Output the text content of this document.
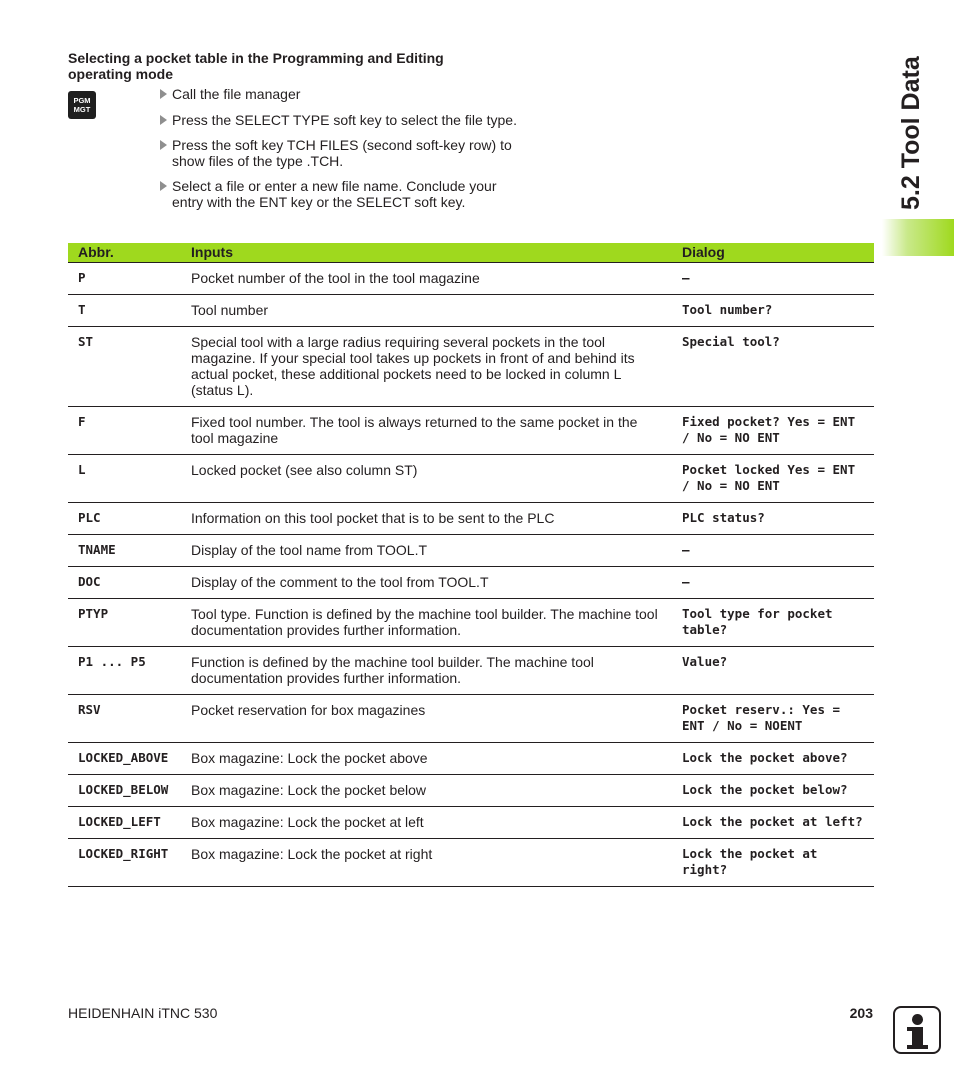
Selecting a pocket table in the Programming and Editing operating mode
PGM
MGT
Call the file manager
Press the SELECT TYPE soft key to select the file type.
Press the soft key TCH FILES (second soft-key row) to show files of the type .TCH.
Select a file or enter a new file name. Conclude your entry with the ENT key or the SELECT soft key.
Abbr.	Inputs	Dialog
P	Pocket number of the tool in the tool magazine	–
T	Tool number	Tool number?
ST	Special tool with a large radius requiring several pockets in the tool magazine. If your special tool takes up pockets in front of and behind its actual pocket, these additional pockets need to be locked in column L (status L).	Special tool?
F	Fixed tool number. The tool is always returned to the same pocket in the tool magazine	Fixed pocket? Yes = ENT / No = NO ENT
L	Locked pocket (see also column ST)	Pocket locked Yes = ENT / No = NO ENT
PLC	Information on this tool pocket that is to be sent to the PLC	PLC status?
TNAME	Display of the tool name from TOOL.T	–
DOC	Display of the comment to the tool from TOOL.T	–
PTYP	Tool type. Function is defined by the machine tool builder. The machine tool documentation provides further information.	Tool type for pocket table?
P1 ... P5	Function is defined by the machine tool builder. The machine tool documentation provides further information.	Value?
RSV	Pocket reservation for box magazines	Pocket reserv.: Yes = ENT / No = NOENT
LOCKED_ABOVE	Box magazine: Lock the pocket above	Lock the pocket above?
LOCKED_BELOW	Box magazine: Lock the pocket below	Lock the pocket below?
LOCKED_LEFT	Box magazine: Lock the pocket at left	Lock the pocket at left?
LOCKED_RIGHT	Box magazine: Lock the pocket at right	Lock the pocket at right?
5.2 Tool Data
HEIDENHAIN iTNC 530	203
